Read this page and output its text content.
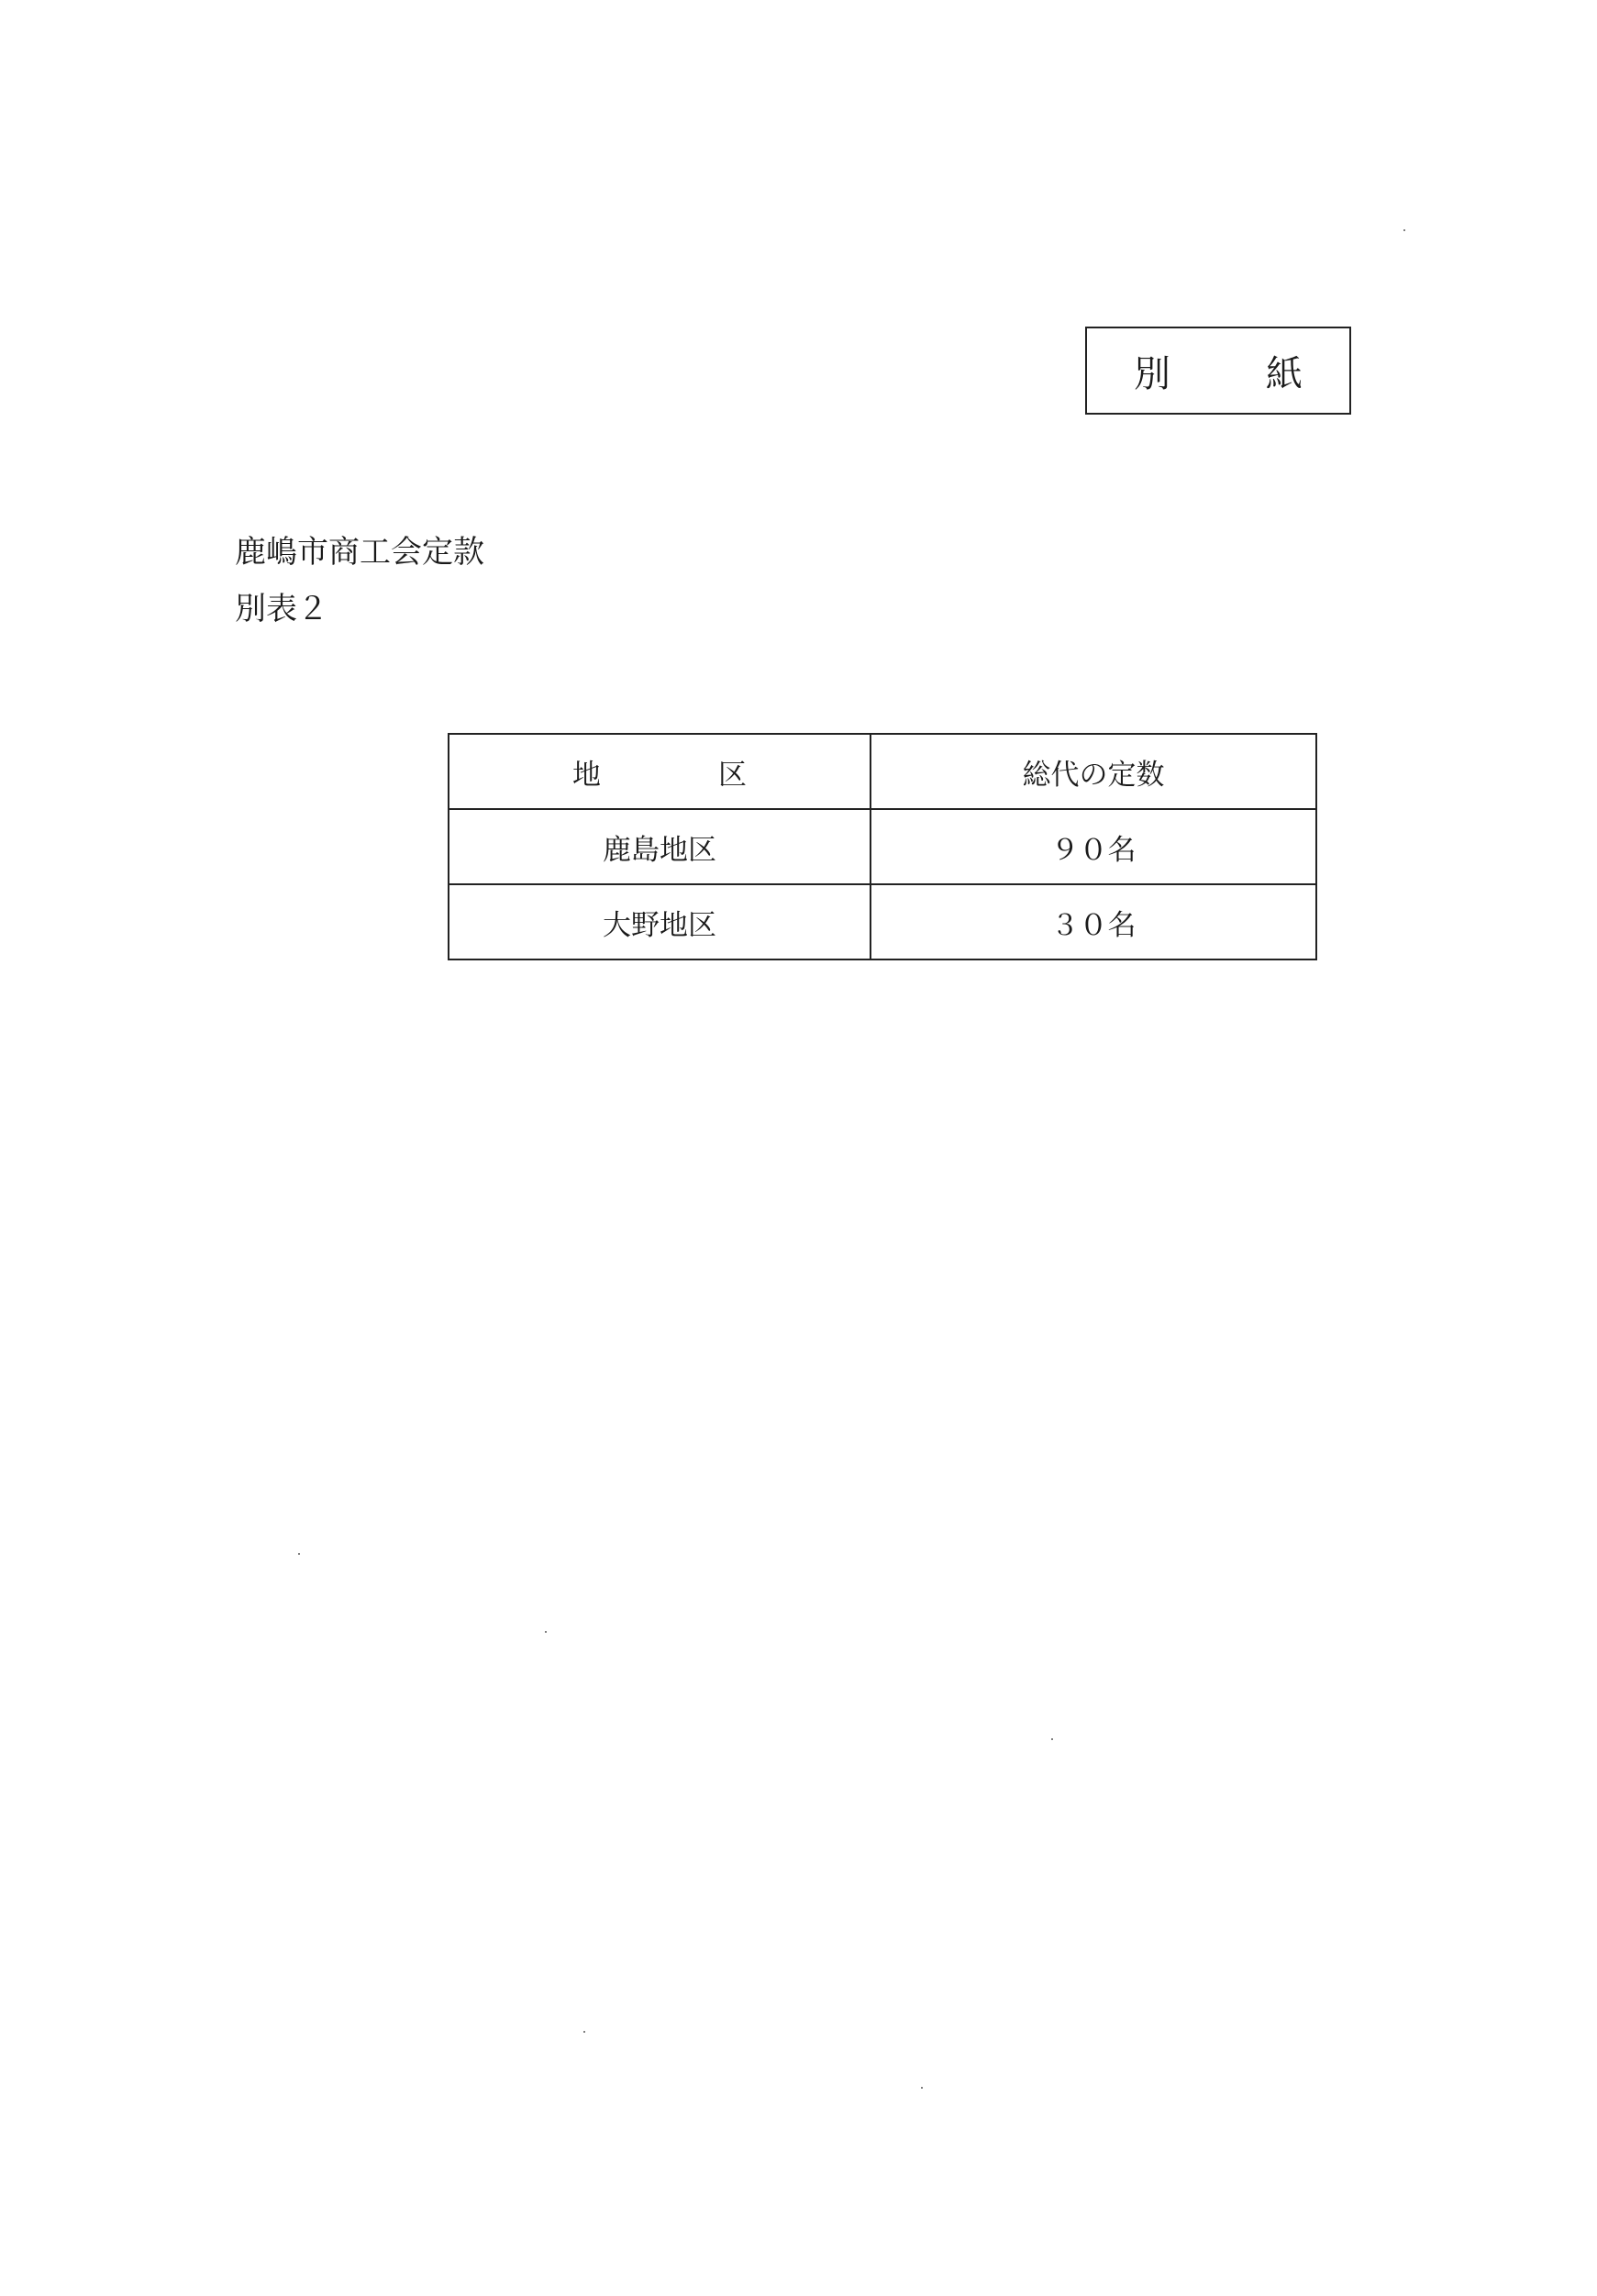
別　紙
鹿嶋市商工会定款
別表２
地 区	総代の定数
鹿島地区	９０名
大野地区	３０名
